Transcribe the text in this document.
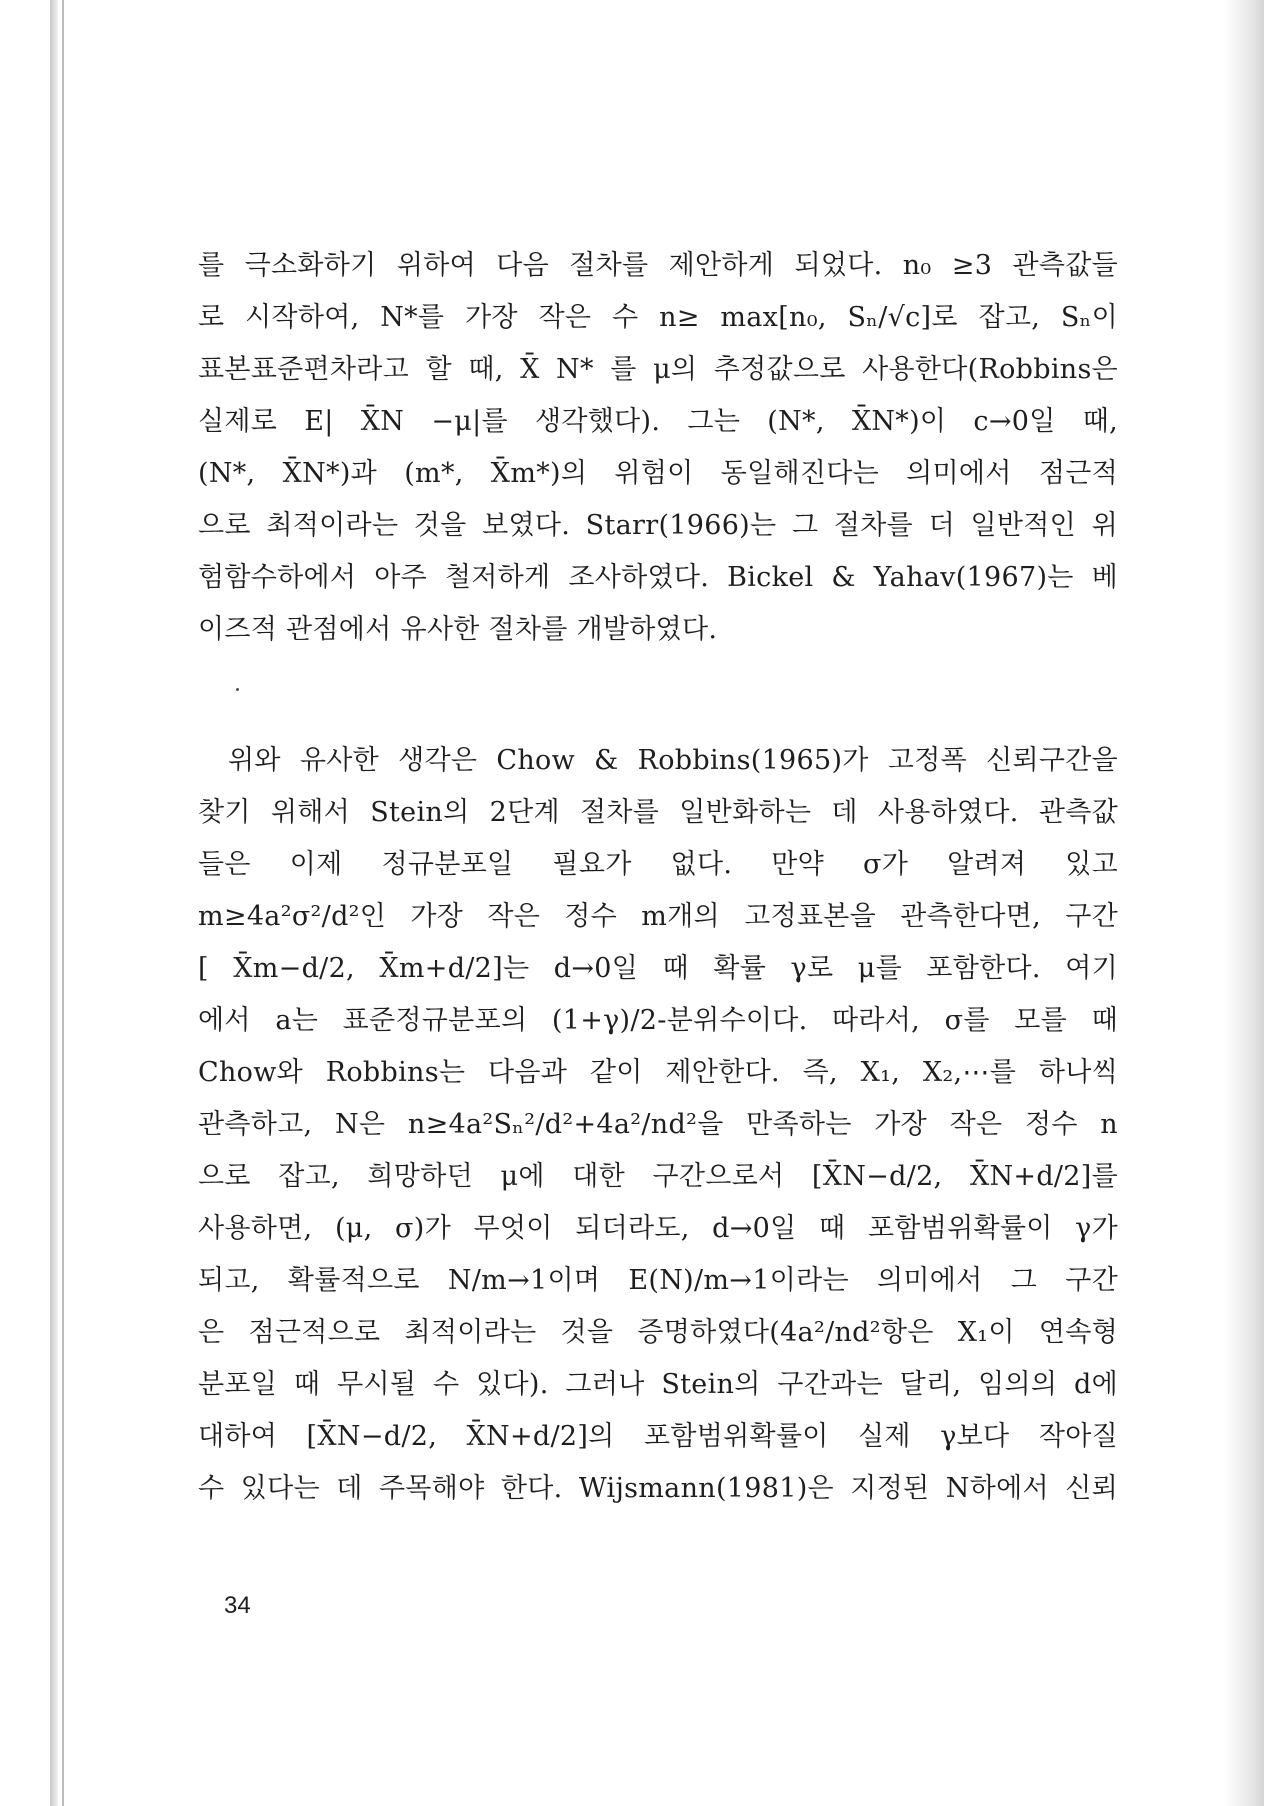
를 극소화하기 위하여 다음 절차를 제안하게 되었다. n₀ ≥3 관측값들
로 시작하여, N*를 가장 작은 수 n≥ max[n₀, Sₙ/√c]로 잡고, Sₙ이
표본표준편차라고 할 때, X̄ N* 를 μ의 추정값으로 사용한다(Robbins은
실제로 E| X̄N −μ|를 생각했다). 그는 (N*, X̄N*)이 c→0일 때,
(N*, X̄N*)과 (m*, X̄m*)의 위험이 동일해진다는 의미에서 점근적
으로 최적이라는 것을 보였다. Starr(1966)는 그 절차를 더 일반적인 위
험함수하에서 아주 철저하게 조사하였다. Bickel & Yahav(1967)는 베
이즈적 관점에서 유사한 절차를 개발하였다.
위와 유사한 생각은 Chow & Robbins(1965)가 고정폭 신뢰구간을
찾기 위해서 Stein의 2단계 절차를 일반화하는 데 사용하였다. 관측값
들은 이제 정규분포일 필요가 없다. 만약 σ가 알려져 있고
m≥4a²σ²/d²인 가장 작은 정수 m개의 고정표본을 관측한다면, 구간
[ X̄m−d/2, X̄m+d/2]는 d→0일 때 확률 γ로 μ를 포함한다. 여기
에서 a는 표준정규분포의 (1+γ)/2-분위수이다. 따라서, σ를 모를 때
Chow와 Robbins는 다음과 같이 제안한다. 즉, X₁, X₂,⋯를 하나씩
관측하고, N은 n≥4a²Sₙ²/d²+4a²/nd²을 만족하는 가장 작은 정수 n
으로 잡고, 희망하던 μ에 대한 구간으로서 [X̄N−d/2, X̄N+d/2]를
사용하면, (μ, σ)가 무엇이 되더라도, d→0일 때 포함범위확률이 γ가
되고, 확률적으로 N/m→1이며 E(N)/m→1이라는 의미에서 그 구간
은 점근적으로 최적이라는 것을 증명하였다(4a²/nd²항은 X₁이 연속형
분포일 때 무시될 수 있다). 그러나 Stein의 구간과는 달리, 임의의 d에
대하여 [X̄N−d/2, X̄N+d/2]의 포함범위확률이 실제 γ보다 작아질
수 있다는 데 주목해야 한다. Wijsmann(1981)은 지정된 N하에서 신뢰
34
